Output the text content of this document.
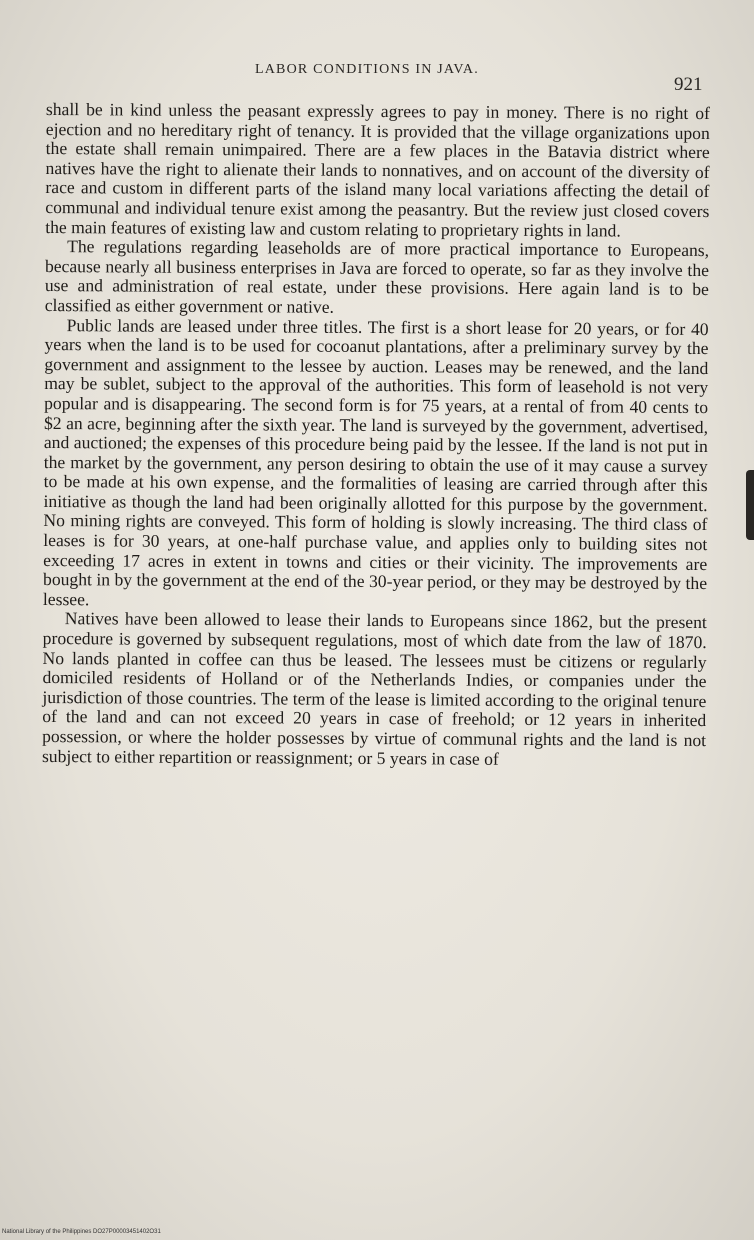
LABOR CONDITIONS IN JAVA.
921

shall be in kind unless the peasant expressly agrees to pay in money. There is no right of ejection and no hereditary right of tenancy. It is provided that the village organizations upon the estate shall remain unimpaired. There are a few places in the Batavia district where natives have the right to alienate their lands to nonnatives, and on account of the diversity of race and custom in different parts of the island many local variations affecting the detail of communal and individual tenure exist among the peasantry. But the review just closed covers the main features of existing law and custom relating to proprietary rights in land.

The regulations regarding leaseholds are of more practical importance to Europeans, because nearly all business enterprises in Java are forced to operate, so far as they involve the use and administration of real estate, under these provisions. Here again land is to be classified as either government or native.

Public lands are leased under three titles. The first is a short lease for 20 years, or for 40 years when the land is to be used for cocoanut plantations, after a preliminary survey by the government and assignment to the lessee by auction. Leases may be renewed, and the land may be sublet, subject to the approval of the authorities. This form of leasehold is not very popular and is disappearing. The second form is for 75 years, at a rental of from 40 cents to $2 an acre, beginning after the sixth year. The land is surveyed by the government, advertised, and auctioned; the expenses of this procedure being paid by the lessee. If the land is not put in the market by the government, any person desiring to obtain the use of it may cause a survey to be made at his own expense, and the formalities of leasing are carried through after this initiative as though the land had been originally allotted for this purpose by the government. No mining rights are conveyed. This form of holding is slowly increasing. The third class of leases is for 30 years, at one-half purchase value, and applies only to building sites not exceeding 17 acres in extent in towns and cities or their vicinity. The improvements are bought in by the government at the end of the 30-year period, or they may be destroyed by the lessee.

Natives have been allowed to lease their lands to Europeans since 1862, but the present procedure is governed by subsequent regulations, most of which date from the law of 1870. No lands planted in coffee can thus be leased. The lessees must be citizens or regularly domiciled residents of Holland or of the Netherlands Indies, or companies under the jurisdiction of those countries. The term of the lease is limited according to the original tenure of the land and can not exceed 20 years in case of freehold; or 12 years in inherited possession, or where the holder possesses by virtue of communal rights and the land is not subject to either repartition or reassignment; or 5 years in case of

National Library of the Philippines DO27P00003451402O31
